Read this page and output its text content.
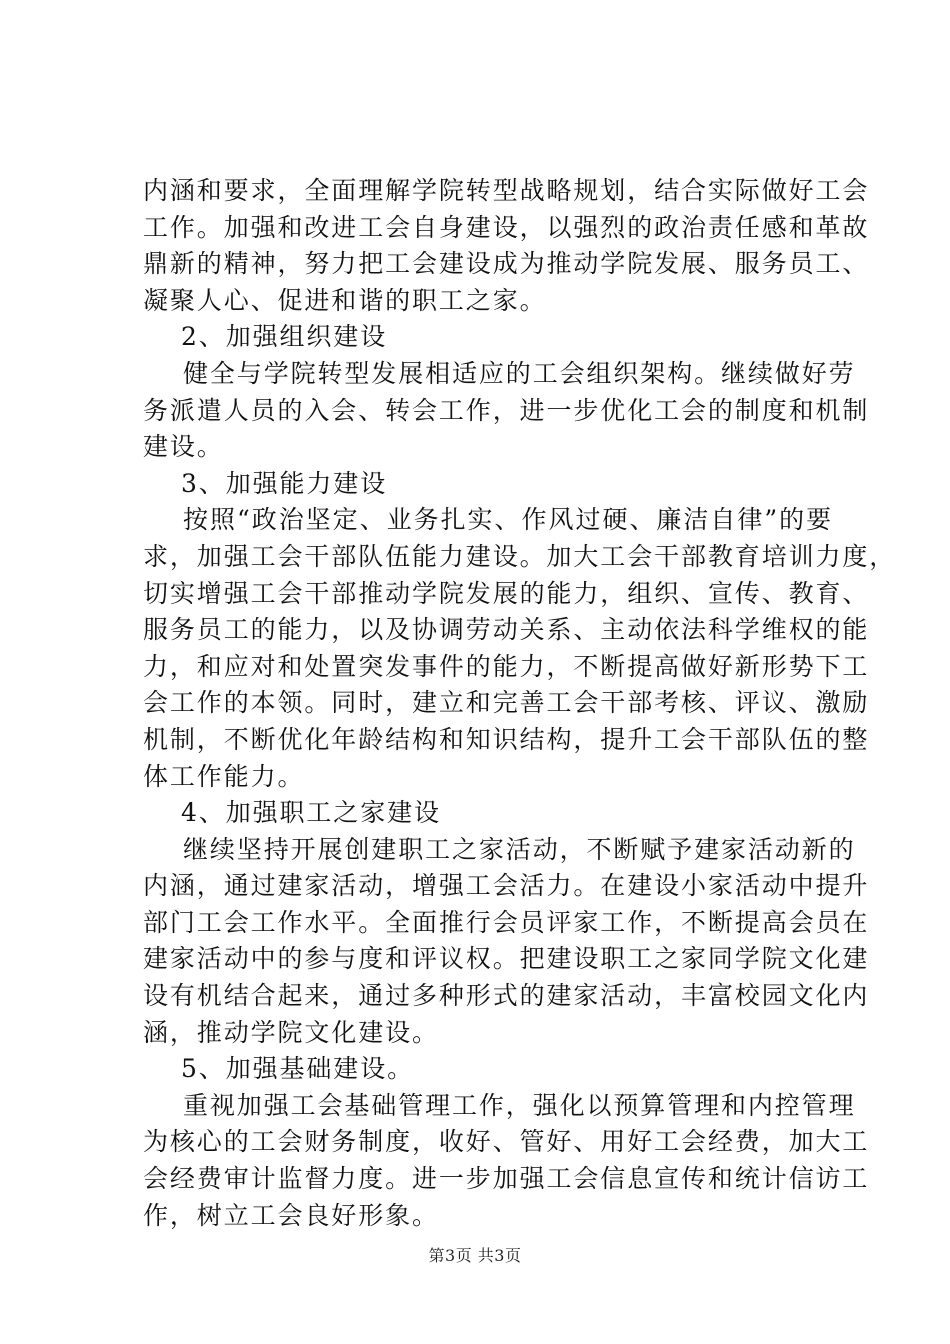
内涵和要求，全面理解学院转型战略规划，结合实际做好工会
工作。加强和改进工会自身建设，以强烈的政治责任感和革故
鼎新的精神，努力把工会建设成为推动学院发展、服务员工、
凝聚人心、促进和谐的职工之家。
2、加强组织建设
健全与学院转型发展相适应的工会组织架构。继续做好劳
务派遣人员的入会、转会工作，进一步优化工会的制度和机制
建设。
3、加强能力建设
按照“政治坚定、业务扎实、作风过硬、廉洁自律”的要
求，加强工会干部队伍能力建设。加大工会干部教育培训力度，
切实增强工会干部推动学院发展的能力，组织、宣传、教育、
服务员工的能力，以及协调劳动关系、主动依法科学维权的能
力，和应对和处置突发事件的能力，不断提高做好新形势下工
会工作的本领。同时，建立和完善工会干部考核、评议、激励
机制，不断优化年龄结构和知识结构，提升工会干部队伍的整
体工作能力。
4、加强职工之家建设
继续坚持开展创建职工之家活动，不断赋予建家活动新的
内涵，通过建家活动，增强工会活力。在建设小家活动中提升
部门工会工作水平。全面推行会员评家工作，不断提高会员在
建家活动中的参与度和评议权。把建设职工之家同学院文化建
设有机结合起来，通过多种形式的建家活动，丰富校园文化内
涵，推动学院文化建设。
5、加强基础建设。
重视加强工会基础管理工作，强化以预算管理和内控管理
为核心的工会财务制度，收好、管好、用好工会经费，加大工
会经费审计监督力度。进一步加强工会信息宣传和统计信访工
作，树立工会良好形象。
第3页 共3页
